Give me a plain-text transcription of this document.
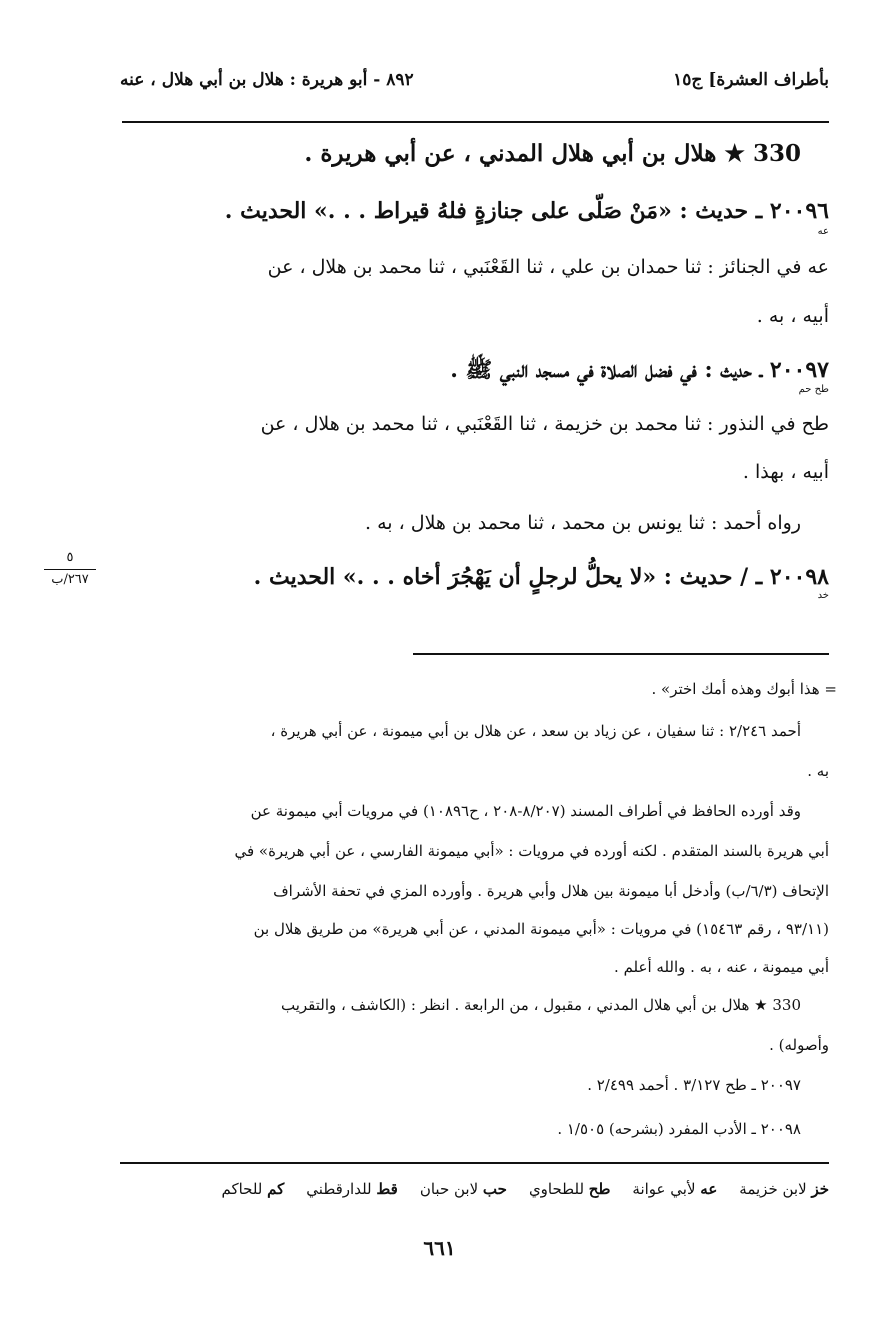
بأطراف العشرة] ج١٥
٨٩٢ - أبو هريرة : هلال بن أبي هلال ، عنه
330 ★ هلال بن أبي هلال المدني ، عن أبي هريرة .
٢٠٠٩٦ ـ حديث : «مَنْ صَلّى على جنازةٍ فلهُ قيراط . . .» الحديث .
عه
عه في الجنائز : ثنا حمدان بن علي ، ثنا القَعْنَبي ، ثنا محمد بن هلال ، عن
أبيه ، به .
٢٠٠٩٧ ـ حديث : في فضل الصلاة في مسجد النبي ﷺ .
طح حم
طح في النذور : ثنا محمد بن خزيمة ، ثنا القَعْنَبي ، ثنا محمد بن هلال ، عن
أبيه ، بهذا .
رواه أحمد : ثنا يونس بن محمد ، ثنا محمد بن هلال ، به .
٢٠٠٩٨ ـ / حديث : «لا يحلُّ لرجلٍ أن يَهْجُرَ أخاه . . .» الحديث .
خد
٥
٢٦٧/ب
= هذا أبوك وهذه أمك اختر» .
أحمد ٢/٢٤٦ : ثنا سفيان ، عن زياد بن سعد ، عن هلال بن أبي ميمونة ، عن أبي هريرة ،
به .
وقد أورده الحافظ في أطراف المسند (٨/٢٠٧-٢٠٨ ، ح١٠٨٩٦) في مرويات أبي ميمونة عن
أبي هريرة بالسند المتقدم . لكنه أورده في مرويات : «أبي ميمونة الفارسي ، عن أبي هريرة» في
الإتحاف (٦/٣/ب) وأدخل أبا ميمونة بين هلال وأبي هريرة . وأورده المزي في تحفة الأشراف
(٩٣/١١ ، رقم ١٥٤٦٣) في مرويات : «أبي ميمونة المدني ، عن أبي هريرة» من طريق هلال بن
أبي ميمونة ، عنه ، به . والله أعلم .
330 ★ هلال بن أبي هلال المدني ، مقبول ، من الرابعة . انظر : (الكاشف ، والتقريب
وأصوله) .
٢٠٠٩٧ ـ طح ٣/١٢٧ . أحمد ٢/٤٩٩ .
٢٠٠٩٨ ـ الأدب المفرد (بشرحه) ١/٥٠٥ .
خز لابن خزيمة
عه لأبي عوانة
طح للطحاوي
حب لابن حبان
قط للدارقطني
كم للحاكم
٦٦١
